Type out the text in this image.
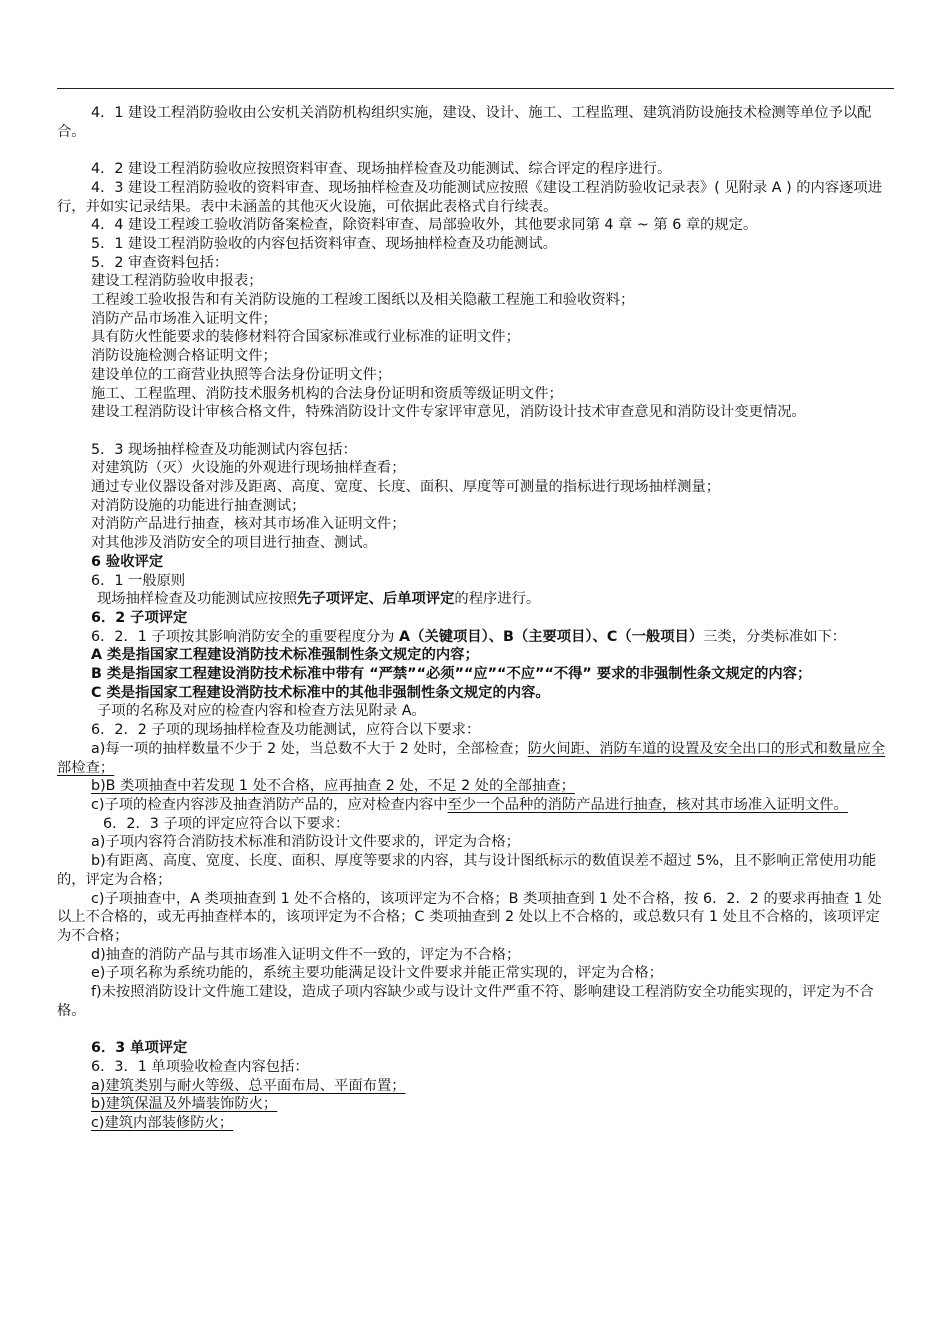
4．1 建设工程消防验收由公安机关消防机构组织实施，建设、设计、施工、工程监理、建筑消防设施技术检测等单位予以配合。

4．2 建设工程消防验收应按照资料审查、现场抽样检查及功能测试、综合评定的程序进行。

4．3 建设工程消防验收的资料审查、现场抽样检查及功能测试应按照《建设工程消防验收记录表》( 见附录 A ) 的内容逐项进行，并如实记录结果。表中未涵盖的其他灭火设施，可依据此表格式自行续表。

4．4 建设工程竣工验收消防备案检查，除资料审查、局部验收外，其他要求同第 4 章 ~ 第 6 章的规定。

5．1 建设工程消防验收的内容包括资料审查、现场抽样检查及功能测试。

5．2 审查资料包括：

建设工程消防验收申报表；

工程竣工验收报告和有关消防设施的工程竣工图纸以及相关隐蔽工程施工和验收资料；

消防产品市场准入证明文件；

具有防火性能要求的装修材料符合国家标准或行业标准的证明文件；

消防设施检测合格证明文件；

建设单位的工商营业执照等合法身份证明文件；

施工、工程监理、消防技术服务机构的合法身份证明和资质等级证明文件；

建设工程消防设计审核合格文件，特殊消防设计文件专家评审意见，消防设计技术审查意见和消防设计变更情况。

5．3 现场抽样检查及功能测试内容包括：

对建筑防（灭）火设施的外观进行现场抽样查看；

通过专业仪器设备对涉及距离、高度、宽度、长度、面积、厚度等可测量的指标进行现场抽样测量；

对消防设施的功能进行抽查测试；

对消防产品进行抽查，核对其市场准入证明文件；

对其他涉及消防安全的项目进行抽查、测试。

6 验收评定

6．1 一般原则

现场抽样检查及功能测试应按照先子项评定、后单项评定的程序进行。

6．2 子项评定

6．2．1 子项按其影响消防安全的重要程度分为 A（关键项目）、B（主要项目）、C（一般项目）三类，分类标准如下：

A 类是指国家工程建设消防技术标准强制性条文规定的内容；

B 类是指国家工程建设消防技术标准中带有 “严禁”“必须”“应”“不应”“不得” 要求的非强制性条文规定的内容；

C 类是指国家工程建设消防技术标准中的其他非强制性条文规定的内容。

子项的名称及对应的检查内容和检查方法见附录 A。

6．2．2 子项的现场抽样检查及功能测试，应符合以下要求：

a)每一项的抽样数量不少于 2 处，当总数不大于 2 处时，全部检查；防火间距、消防车道的设置及安全出口的形式和数量应全部检查；

b)B 类项抽查中若发现 1 处不合格，应再抽查 2 处，不足 2 处的全部抽查；

c)子项的检查内容涉及抽查消防产品的，应对检查内容中至少一个品种的消防产品进行抽查，核对其市场准入证明文件。

6．2．3 子项的评定应符合以下要求：

a)子项内容符合消防技术标准和消防设计文件要求的，评定为合格；

b)有距离、高度、宽度、长度、面积、厚度等要求的内容，其与设计图纸标示的数值误差不超过 5%，且不影响正常使用功能的，评定为合格；

c)子项抽查中，A 类项抽查到 1 处不合格的，该项评定为不合格；B 类项抽查到 1 处不合格，按 6．2．2 的要求再抽查 1 处以上不合格的，或无再抽查样本的，该项评定为不合格；C 类项抽查到 2 处以上不合格的，或总数只有 1 处且不合格的，该项评定为不合格；

d)抽查的消防产品与其市场准入证明文件不一致的，评定为不合格；

e)子项名称为系统功能的，系统主要功能满足设计文件要求并能正常实现的，评定为合格；

f)未按照消防设计文件施工建设，造成子项内容缺少或与设计文件严重不符、影响建设工程消防安全功能实现的，评定为不合格。

6．3 单项评定

6．3．1 单项验收检查内容包括：

a)建筑类别与耐火等级、总平面布局、平面布置；

b)建筑保温及外墙装饰防火；

c)建筑内部装修防火；
